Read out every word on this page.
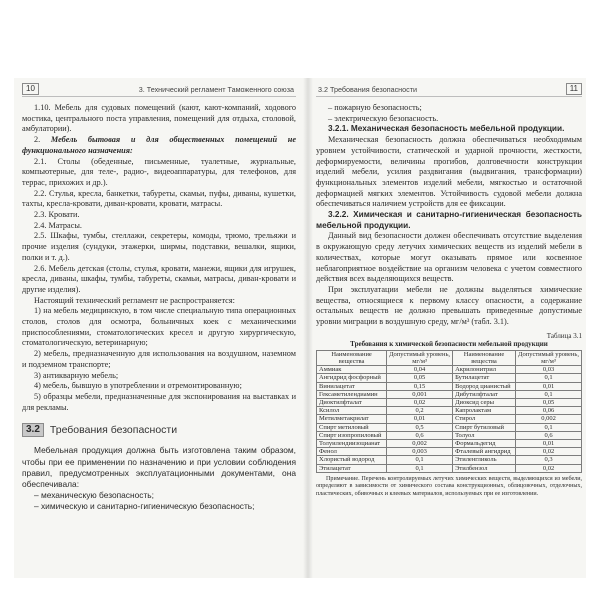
10	3. Технический регламент Таможенного союза

1.10. Мебель для судовых помещений (кают, кают-компаний, ходового мостика, центрального поста управления, помещений для отдыха, столовой, амбулатории).

2. Мебель бытовая и для общественных помещений не функционального назначения:

2.1. Столы (обеденные, письменные, туалетные, журнальные, компьютерные, для теле-, радио-, видеоаппаратуры, для телефонов, для террас, прихожих и др.).

2.2. Стулья, кресла, банкетки, табуреты, скамьи, пуфы, диваны, кушетки, тахты, кресла-кровати, диван-кровати, кровати, матрасы.

2.3. Кровати.

2.4. Матрасы.

2.5. Шкафы, тумбы, стеллажи, секретеры, комоды, трюмо, трельяжи и прочие изделия (сундуки, этажерки, ширмы, подставки, вешалки, ящики, полки и т. д.).

2.6. Мебель детская (столы, стулья, кровати, манежи, ящики для игрушек, кресла, диваны, шкафы, тумбы, табуреты, скамьи, матрасы, диван-кровати и другие изделия).

Настоящий технический регламент не распространяется:

1) на мебель медицинскую, в том числе специальную типа операционных столов, столов для осмотра, больничных коек с механическими приспособлениями, стоматологических кресел и другую хирургическую, стоматологическую, ветеринарную;

2) мебель, предназначенную для использования на воздушном, наземном и подземном транспорте;

3) антикварную мебель;

4) мебель, бывшую в употреблении и отремонтированную;

5) образцы мебели, предназначенные для экспонирования на выставках и для рекламы.

3.2 Требования безопасности

Мебельная продукция должна быть изготовлена таким образом, чтобы при ее применении по назначению и при условии соблюдения правил, предусмотренных эксплуатационными документами, она обеспечивала:

– механическую безопасность;

– химическую и санитарно-гигиеническую безопасность;

3.2 Требования безопасности	11

– пожарную безопасность;

– электрическую безопасность.

3.2.1. Механическая безопасность мебельной продукции.

Механическая безопасность должна обеспечиваться необходимым уровнем устойчивости, статической и ударной прочности, жесткости, деформируемости, величины прогибов, долговечности конструкции изделий мебели, усилия раздвигания (выдвигания, трансформации) функциональных элементов изделий мебели, мягкостью и остаточной деформацией мягких элементов. Устойчивость судовой мебели должна обеспечиваться наличием устройств для ее фиксации.

3.2.2. Химическая и санитарно-гигиеническая безопасность мебельной продукции.

Данный вид безопасности должен обеспечивать отсутствие выделения в окружающую среду летучих химических веществ из изделий мебели в количествах, которые могут оказывать прямое или косвенное неблагоприятное воздействие на организм человека с учетом совместного действия всех выделяющихся веществ.

При эксплуатации мебели не должны выделяться химические вещества, относящиеся к первому классу опасности, а содержание остальных веществ не должно превышать приведенные допустимые уровни миграции в воздушную среду, мг/м³ (табл. 3.1).

Таблица 3.1
Требования к химической безопасности мебельной продукции
Наименование вещества	Допустимый уровень, мг/м³	Наименование вещества	Допустимый уровень, мг/м³
Аммиак	0,04	Акрилонитрил	0,03
Ангидрид фосфорный	0,05	Бутилацетат	0,1
Винилацетат	0,15	Водород цианистый	0,01
Гексаметилендиамин	0,001	Дибутилфталат	0,1
Диоктилфталат	0,02	Диоксид серы	0,05
Ксилол	0,2	Капролактам	0,06
Метилметакрилат	0,01	Стирол	0,002
Спирт метиловый	0,5	Спирт бутиловый	0,1
Спирт изопропиловый	0,6	Толуол	0,6
Толуилендиизоцианат	0,002	Формальдегид	0,01
Фенол	0,003	Фталевый ангидрид	0,02
Хлористый водород	0,1	Этиленгликоль	0,3
Этилацетат	0,1	Этилбензол	0,02

Примечание. Перечень контролируемых летучих химических веществ, выделяющихся из мебели, определяют в зависимости от химического состава конструкционных, облицовочных, отделочных, пластических, обивочных и клеевых материалов, используемых при ее изготовлении.
